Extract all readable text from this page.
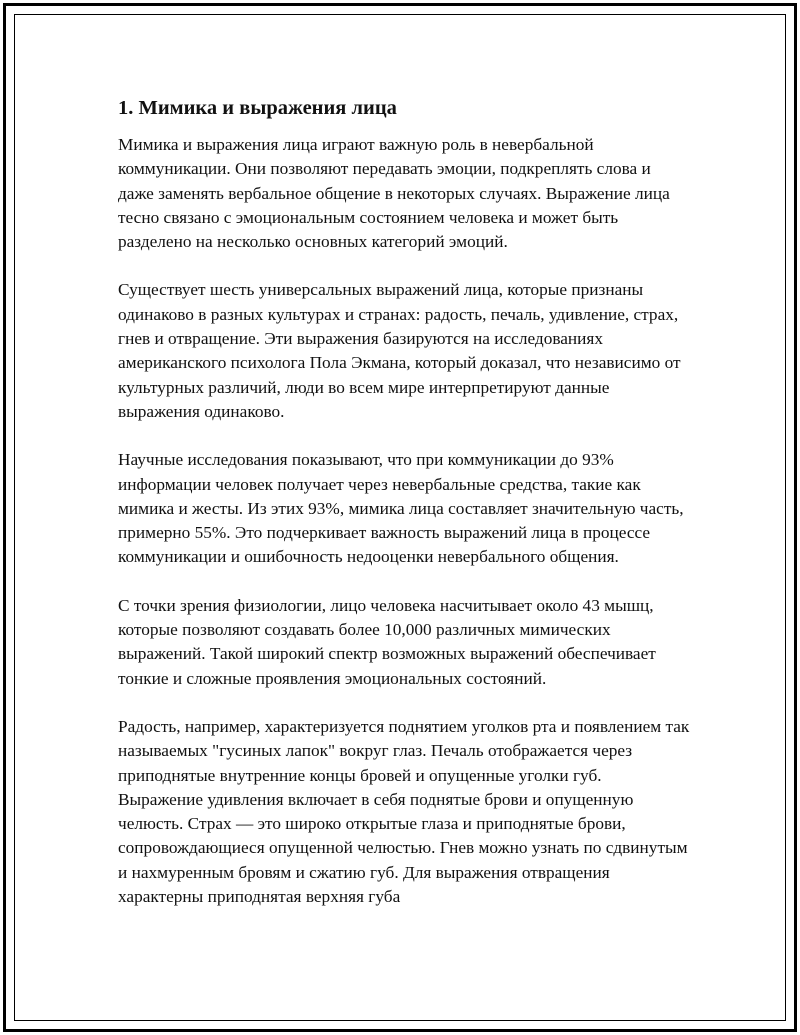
1. Мимика и выражения лица

Мимика и выражения лица играют важную роль в невербальной коммуникации. Они позволяют передавать эмоции, подкреплять слова и даже заменять вербальное общение в некоторых случаях. Выражение лица тесно связано с эмоциональным состоянием человека и может быть разделено на несколько основных категорий эмоций.

Существует шесть универсальных выражений лица, которые признаны одинаково в разных культурах и странах: радость, печаль, удивление, страх, гнев и отвращение. Эти выражения базируются на исследованиях американского психолога Пола Экмана, который доказал, что независимо от культурных различий, люди во всем мире интерпретируют данные выражения одинаково.

Научные исследования показывают, что при коммуникации до 93% информации человек получает через невербальные средства, такие как мимика и жесты. Из этих 93%, мимика лица составляет значительную часть, примерно 55%. Это подчеркивает важность выражений лица в процессе коммуникации и ошибочность недооценки невербального общения.

С точки зрения физиологии, лицо человека насчитывает около 43 мышц, которые позволяют создавать более 10,000 различных мимических выражений. Такой широкий спектр возможных выражений обеспечивает тонкие и сложные проявления эмоциональных состояний.

Радость, например, характеризуется поднятием уголков рта и появлением так называемых "гусиных лапок" вокруг глаз. Печаль отображается через приподнятые внутренние концы бровей и опущенные уголки губ. Выражение удивления включает в себя поднятые брови и опущенную челюсть. Страх — это широко открытые глаза и приподнятые брови, сопровождающиеся опущенной челюстью. Гнев можно узнать по сдвинутым и нахмуренным бровям и сжатию губ. Для выражения отвращения характерны приподнятая верхняя губа
